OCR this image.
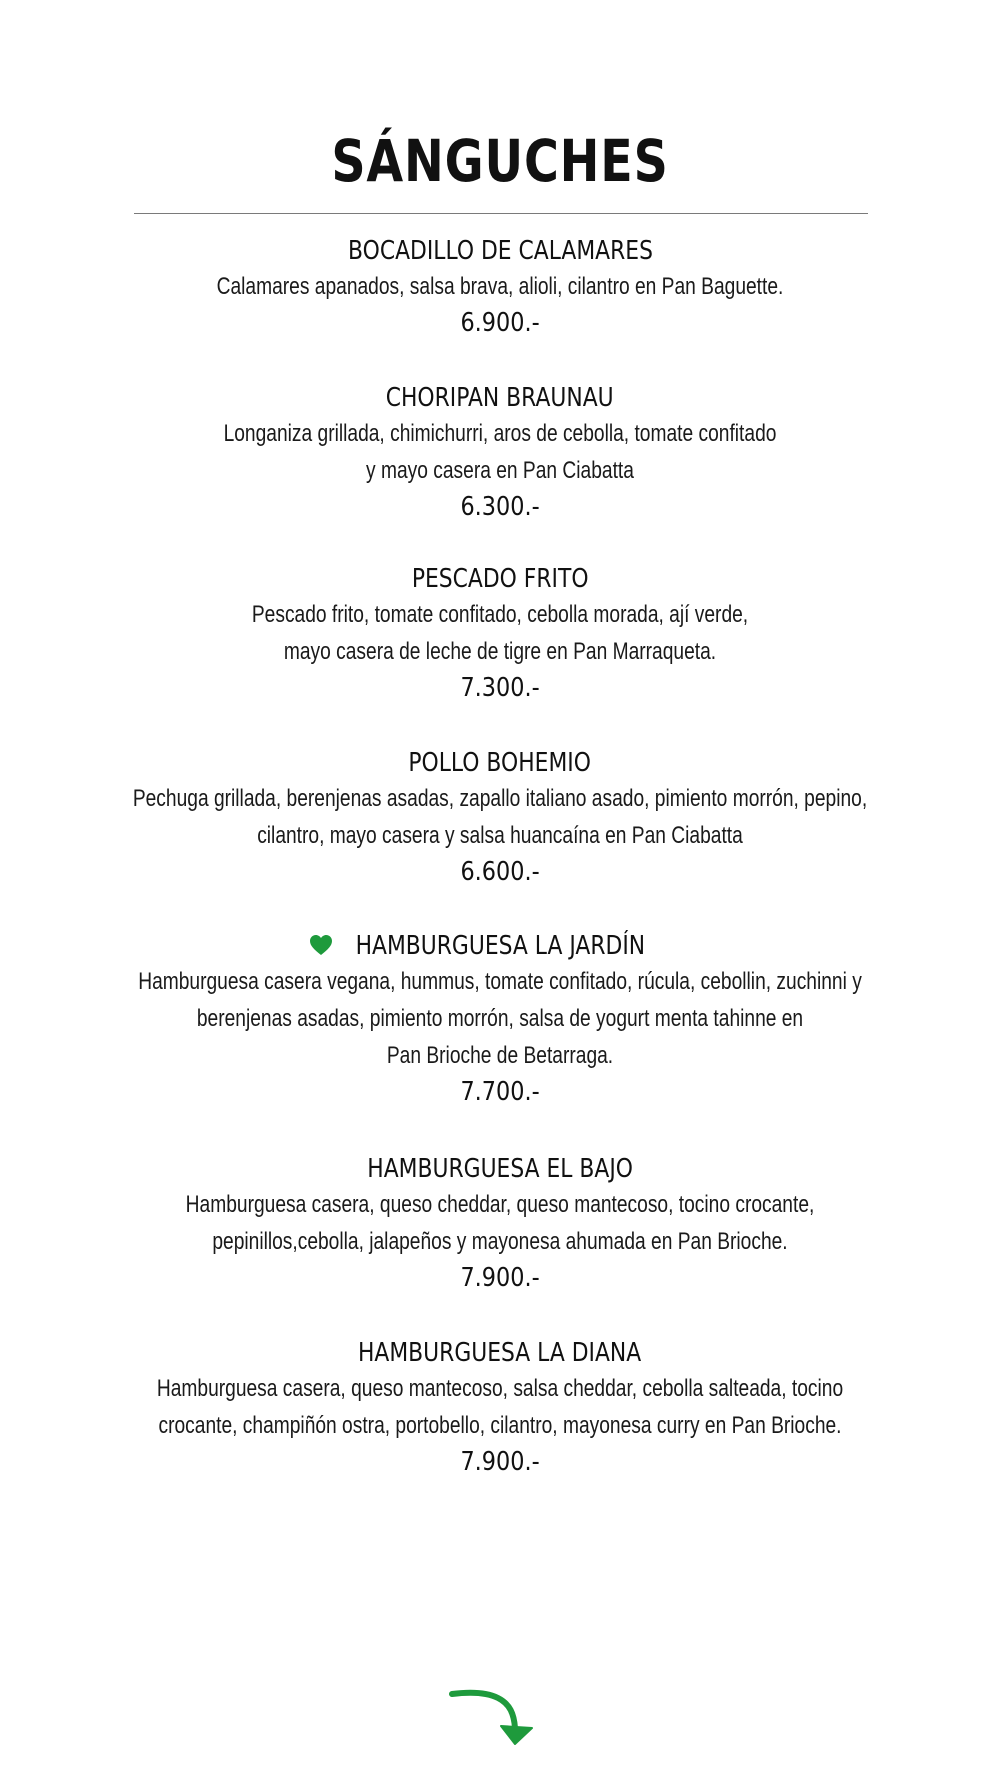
SÁNGUCHES
BOCADILLO DE CALAMARES
Calamares apanados, salsa brava, alioli, cilantro en Pan Baguette.
6.900.-
CHORIPAN BRAUNAU
Longaniza grillada, chimichurri, aros de cebolla, tomate confitado
y mayo casera en Pan Ciabatta
6.300.-
PESCADO FRITO
Pescado frito, tomate confitado, cebolla morada, ají verde,
mayo casera de leche de tigre en Pan Marraqueta.
7.300.-
POLLO BOHEMIO
Pechuga grillada, berenjenas asadas, zapallo italiano asado, pimiento morrón, pepino,
cilantro, mayo casera y salsa huancaína en Pan Ciabatta
6.600.-
HAMBURGUESA LA JARDÍN
Hamburguesa casera vegana, hummus, tomate confitado, rúcula, cebollin, zuchinni y
berenjenas asadas, pimiento morrón, salsa de yogurt menta tahinne en
Pan Brioche de Betarraga.
7.700.-
HAMBURGUESA EL BAJO
Hamburguesa casera, queso cheddar, queso mantecoso, tocino crocante,
pepinillos,cebolla, jalapeños y mayonesa ahumada en Pan Brioche.
7.900.-
HAMBURGUESA LA DIANA
Hamburguesa casera, queso mantecoso, salsa cheddar, cebolla salteada, tocino
crocante, champiñón ostra, portobello, cilantro, mayonesa curry en Pan Brioche.
7.900.-
